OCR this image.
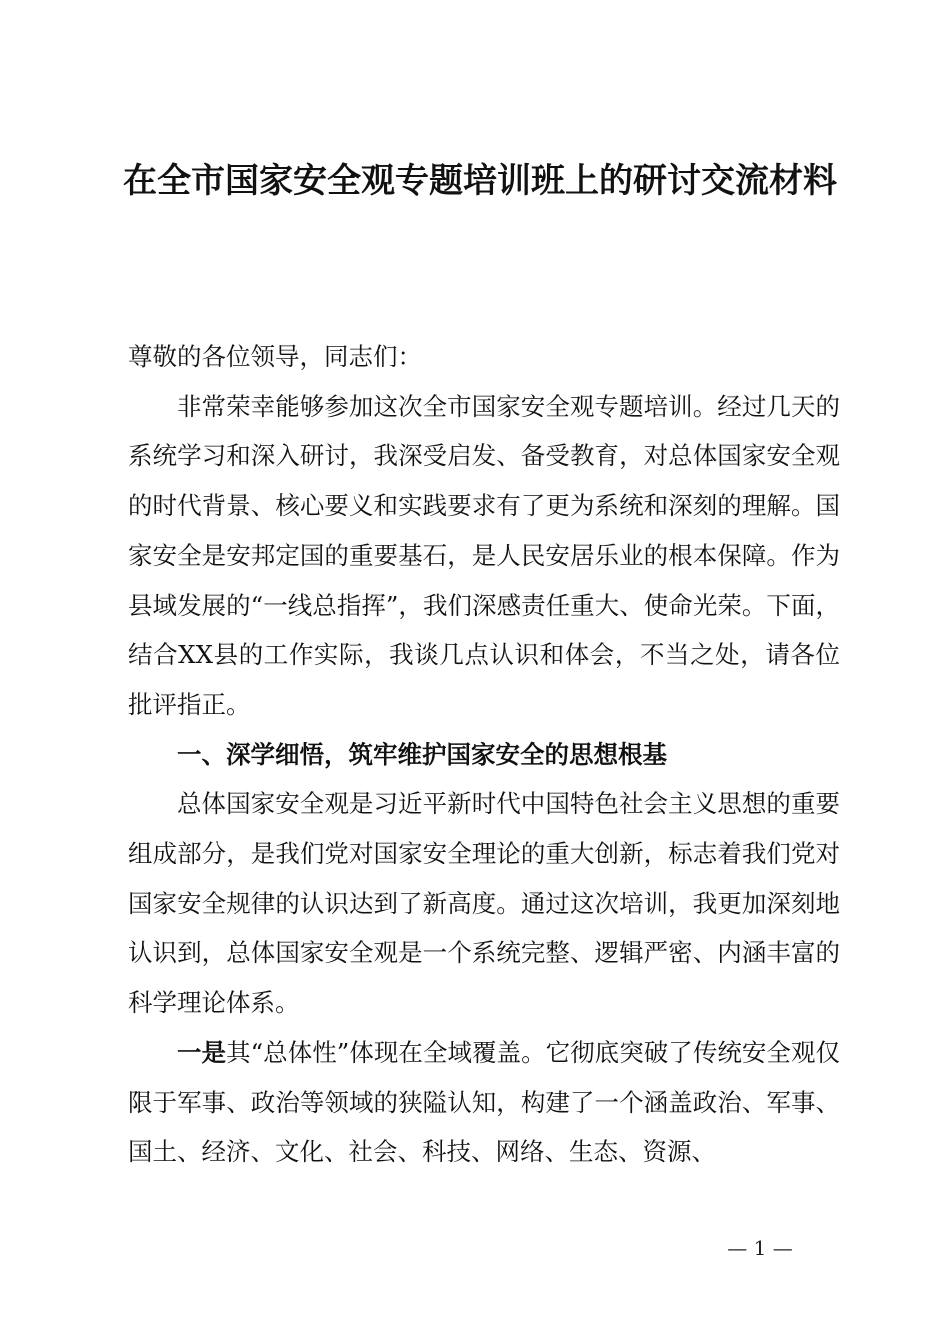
在全市国家安全观专题培训班上的研讨交流材料

尊敬的各位领导，同志们：

非常荣幸能够参加这次全市国家安全观专题培训。经过几天的系统学习和深入研讨，我深受启发、备受教育，对总体国家安全观的时代背景、核心要义和实践要求有了更为系统和深刻的理解。国家安全是安邦定国的重要基石，是人民安居乐业的根本保障。作为县域发展的“一线总指挥”，我们深感责任重大、使命光荣。下面，结合XX县的工作实际，我谈几点认识和体会，不当之处，请各位批评指正。

一、深学细悟，筑牢维护国家安全的思想根基

总体国家安全观是习近平新时代中国特色社会主义思想的重要组成部分，是我们党对国家安全理论的重大创新，标志着我们党对国家安全规律的认识达到了新高度。通过这次培训，我更加深刻地认识到，总体国家安全观是一个系统完整、逻辑严密、内涵丰富的科学理论体系。

一是其“总体性”体现在全域覆盖。它彻底突破了传统安全观仅限于军事、政治等领域的狭隘认知，构建了一个涵盖政治、军事、国土、经济、文化、社会、科技、网络、生态、资源、

— 1 —
